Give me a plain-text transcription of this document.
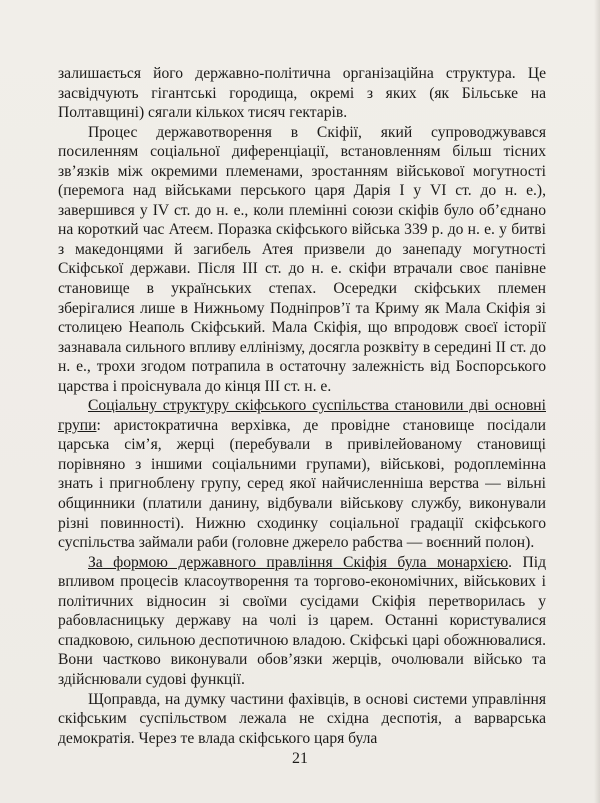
залишається його державно-політична організаційна структура. Це засвідчують гігантські городища, окремі з яких (як Більське на Полтавщині) сягали кількох тисяч гектарів.

Процес державотворення в Скіфії, який супроводжувався посиленням соціальної диференціації, встановленням більш тісних зв’язків між окремими племенами, зростанням військової могутності (перемога над військами перського царя Дарія I у VI ст. до н. е.), завершився у IV ст. до н. е., коли племінні союзи скіфів було об’єднано на короткий час Атеєм. Поразка скіфського війська 339 р. до н. е. у битві з македонцями й загибель Атея призвели до занепаду могутності Скіфської держави. Після III ст. до н. е. скіфи втрачали своє панівне становище в українських степах. Осередки скіфських племен зберігалися лише в Нижньому Подніпров’ї та Криму як Мала Скіфія зі столицею Неаполь Скіфський. Мала Скіфія, що впродовж своєї історії зазнавала сильного впливу еллінізму, досягла розквіту в середині II ст. до н. е., трохи згодом потрапила в остаточну залежність від Боспорського царства і проіснувала до кінця III ст. н. е.

Соціальну структуру скіфського суспільства становили дві основні групи: аристократична верхівка, де провідне становище посідали царська сім’я, жерці (перебували в привілейованому становищі порівняно з іншими соціальними групами), військові, родоплемінна знать і пригноблену групу, серед якої найчисленніша верства — вільні общинники (платили данину, відбували військову службу, виконували різні повинності). Нижню сходинку соціальної градації скіфського суспільства займали раби (головне джерело рабства — воєнний полон).

За формою державного правління Скіфія була монархією. Під впливом процесів класоутворення та торгово-економічних, військових і політичних відносин зі своїми сусідами Скіфія перетворилась у рабовласницьку державу на чолі із царем. Останні користувалися спадковою, сильною деспотичною владою. Скіфські царі обожнювалися. Вони частково виконували обов’язки жерців, очолювали військо та здійснювали судові функції.

Щоправда, на думку частини фахівців, в основі системи управління скіфським суспільством лежала не східна деспотія, а варварська демократія. Через те влада скіфського царя була

21
